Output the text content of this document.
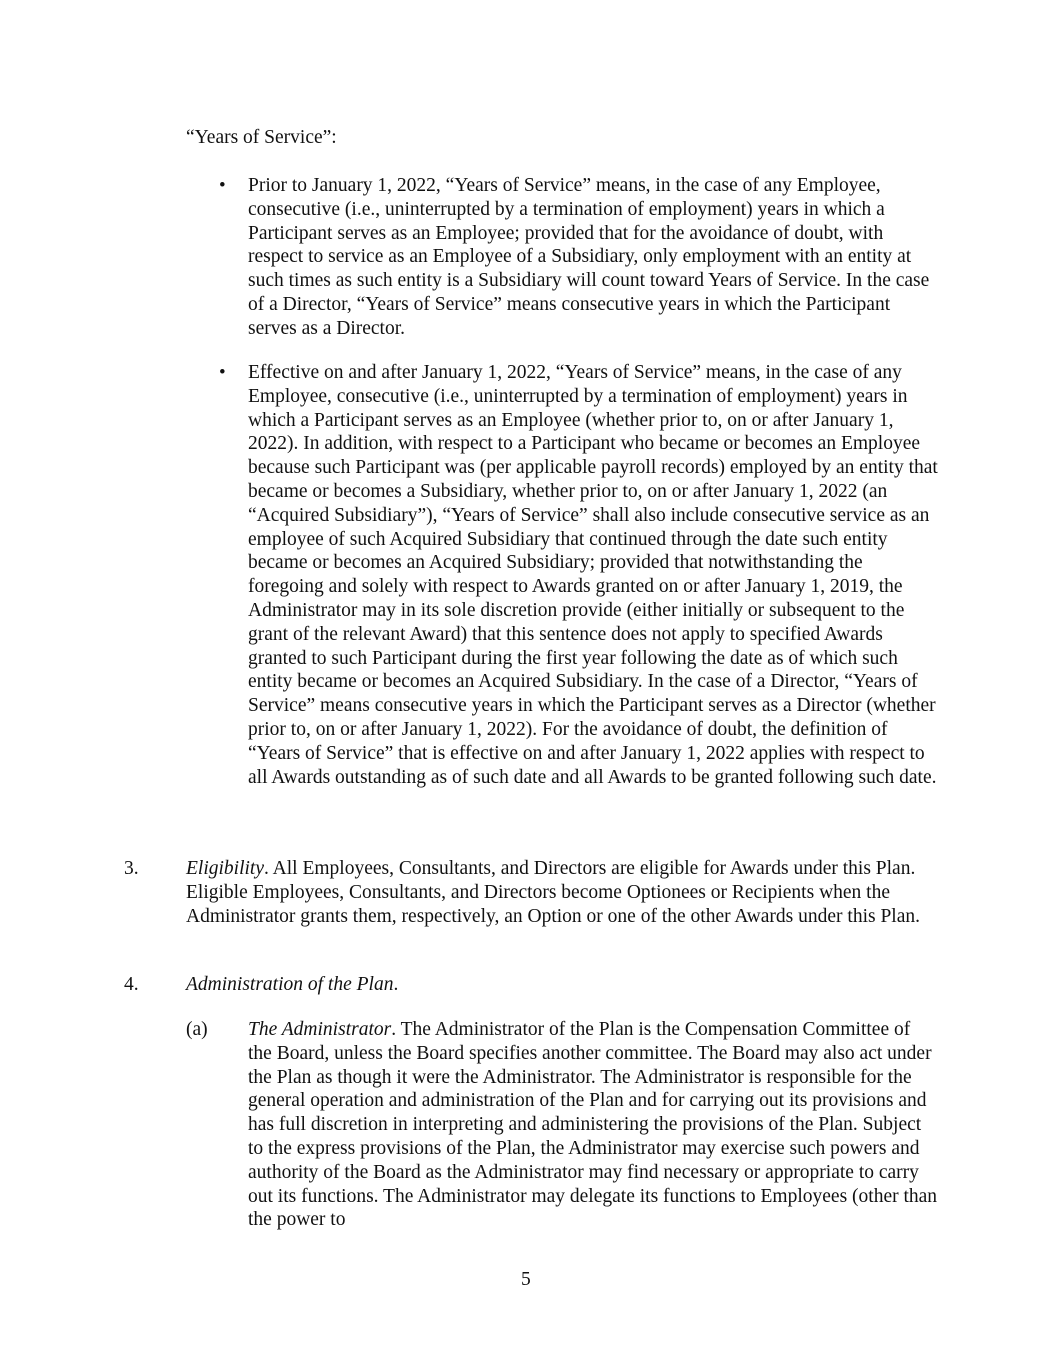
“Years of Service”:

• Prior to January 1, 2022, “Years of Service” means, in the case of any Employee, consecutive (i.e., uninterrupted by a termination of employment) years in which a Participant serves as an Employee; provided that for the avoidance of doubt, with respect to service as an Employee of a Subsidiary, only employment with an entity at such times as such entity is a Subsidiary will count toward Years of Service. In the case of a Director, “Years of Service” means consecutive years in which the Participant serves as a Director.

• Effective on and after January 1, 2022, “Years of Service” means, in the case of any Employee, consecutive (i.e., uninterrupted by a termination of employment) years in which a Participant serves as an Employee (whether prior to, on or after January 1, 2022). In addition, with respect to a Participant who became or becomes an Employee because such Participant was (per applicable payroll records) employed by an entity that became or becomes a Subsidiary, whether prior to, on or after January 1, 2022 (an “Acquired Subsidiary”), “Years of Service” shall also include consecutive service as an employee of such Acquired Subsidiary that continued through the date such entity became or becomes an Acquired Subsidiary; provided that notwithstanding the foregoing and solely with respect to Awards granted on or after January 1, 2019, the Administrator may in its sole discretion provide (either initially or subsequent to the grant of the relevant Award) that this sentence does not apply to specified Awards granted to such Participant during the first year following the date as of which such entity became or becomes an Acquired Subsidiary. In the case of a Director, “Years of Service” means consecutive years in which the Participant serves as a Director (whether prior to, on or after January 1, 2022). For the avoidance of doubt, the definition of “Years of Service” that is effective on and after January 1, 2022 applies with respect to all Awards outstanding as of such date and all Awards to be granted following such date.

3. Eligibility. All Employees, Consultants, and Directors are eligible for Awards under this Plan. Eligible Employees, Consultants, and Directors become Optionees or Recipients when the Administrator grants them, respectively, an Option or one of the other Awards under this Plan.

4. Administration of the Plan.

(a) The Administrator. The Administrator of the Plan is the Compensation Committee of the Board, unless the Board specifies another committee. The Board may also act under the Plan as though it were the Administrator. The Administrator is responsible for the general operation and administration of the Plan and for carrying out its provisions and has full discretion in interpreting and administering the provisions of the Plan. Subject to the express provisions of the Plan, the Administrator may exercise such powers and authority of the Board as the Administrator may find necessary or appropriate to carry out its functions. The Administrator may delegate its functions to Employees (other than the power to

5
